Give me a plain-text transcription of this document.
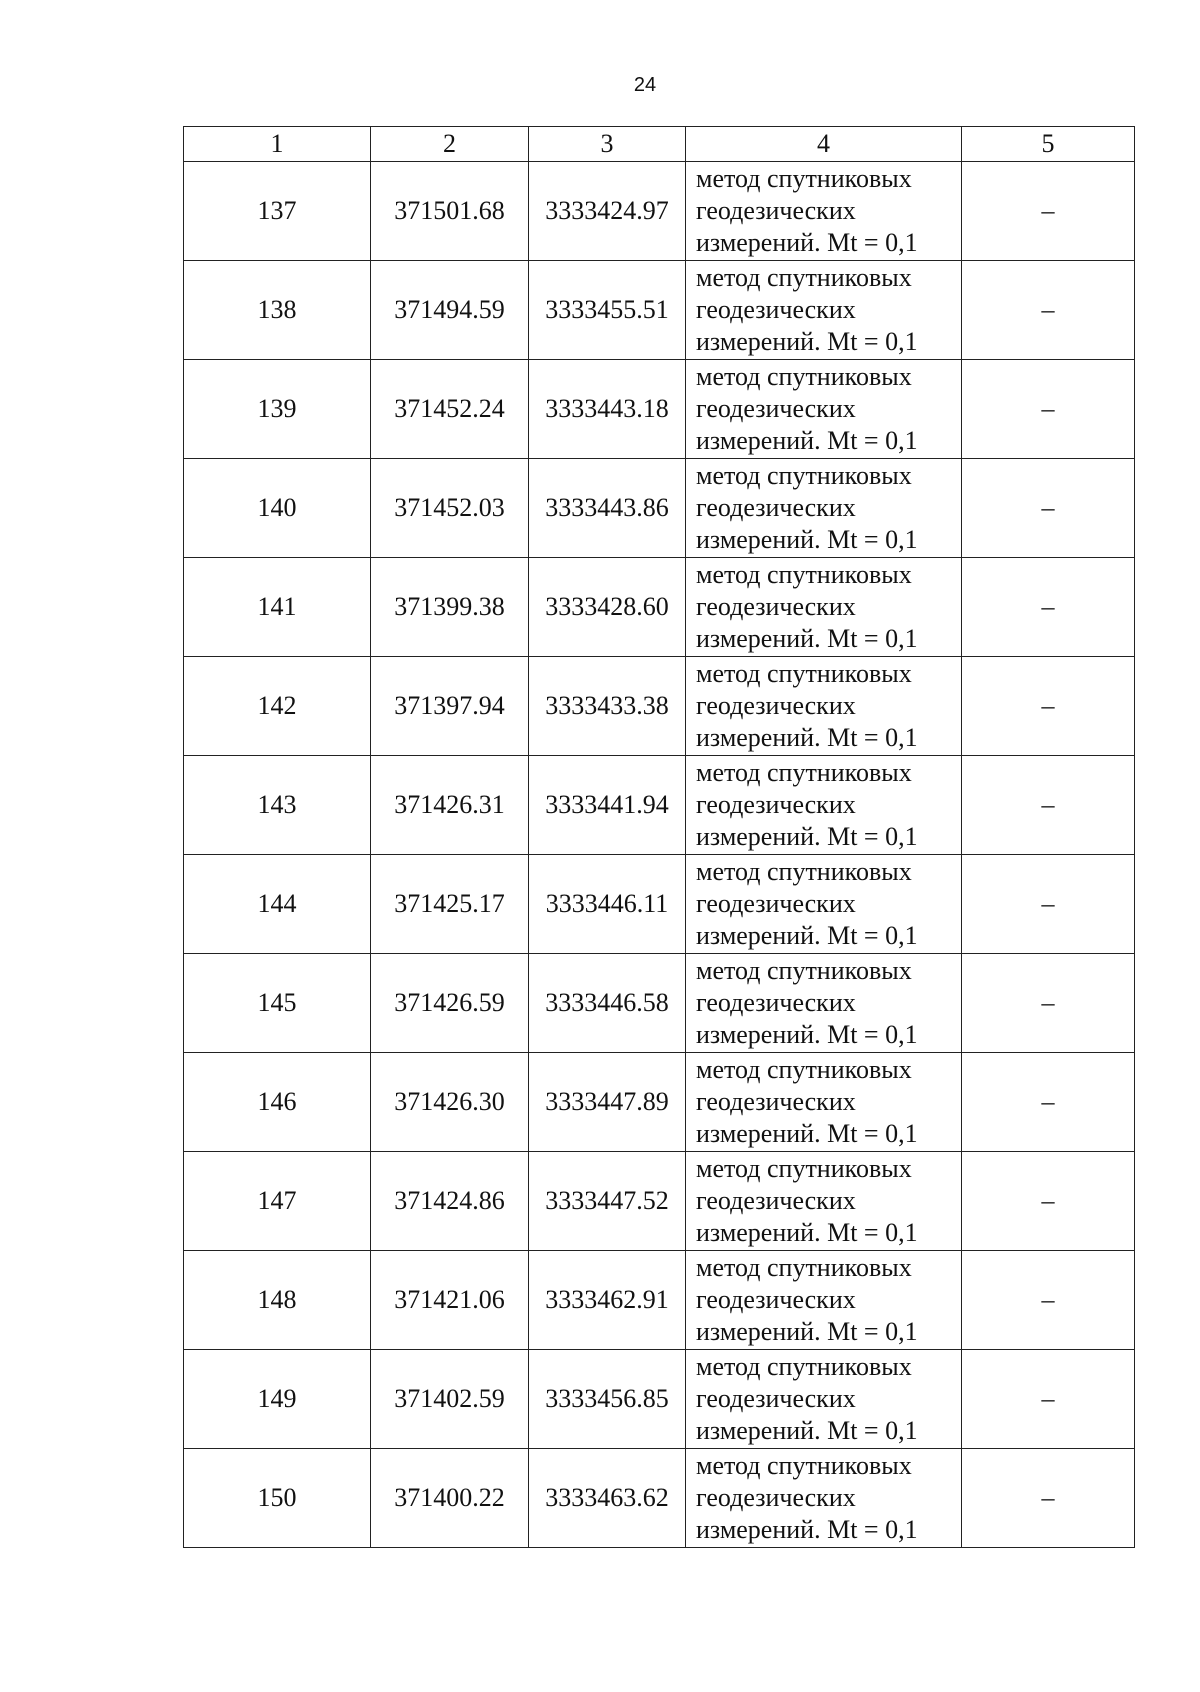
24
1	2	3	4	5
137	371501.68	3333424.97	метод спутниковых
геодезических
измерений. Mt = 0,1	–
138	371494.59	3333455.51	метод спутниковых
геодезических
измерений. Mt = 0,1	–
139	371452.24	3333443.18	метод спутниковых
геодезических
измерений. Mt = 0,1	–
140	371452.03	3333443.86	метод спутниковых
геодезических
измерений. Mt = 0,1	–
141	371399.38	3333428.60	метод спутниковых
геодезических
измерений. Mt = 0,1	–
142	371397.94	3333433.38	метод спутниковых
геодезических
измерений. Mt = 0,1	–
143	371426.31	3333441.94	метод спутниковых
геодезических
измерений. Mt = 0,1	–
144	371425.17	3333446.11	метод спутниковых
геодезических
измерений. Mt = 0,1	–
145	371426.59	3333446.58	метод спутниковых
геодезических
измерений. Mt = 0,1	–
146	371426.30	3333447.89	метод спутниковых
геодезических
измерений. Mt = 0,1	–
147	371424.86	3333447.52	метод спутниковых
геодезических
измерений. Mt = 0,1	–
148	371421.06	3333462.91	метод спутниковых
геодезических
измерений. Mt = 0,1	–
149	371402.59	3333456.85	метод спутниковых
геодезических
измерений. Mt = 0,1	–
150	371400.22	3333463.62	метод спутниковых
геодезических
измерений. Mt = 0,1	–
